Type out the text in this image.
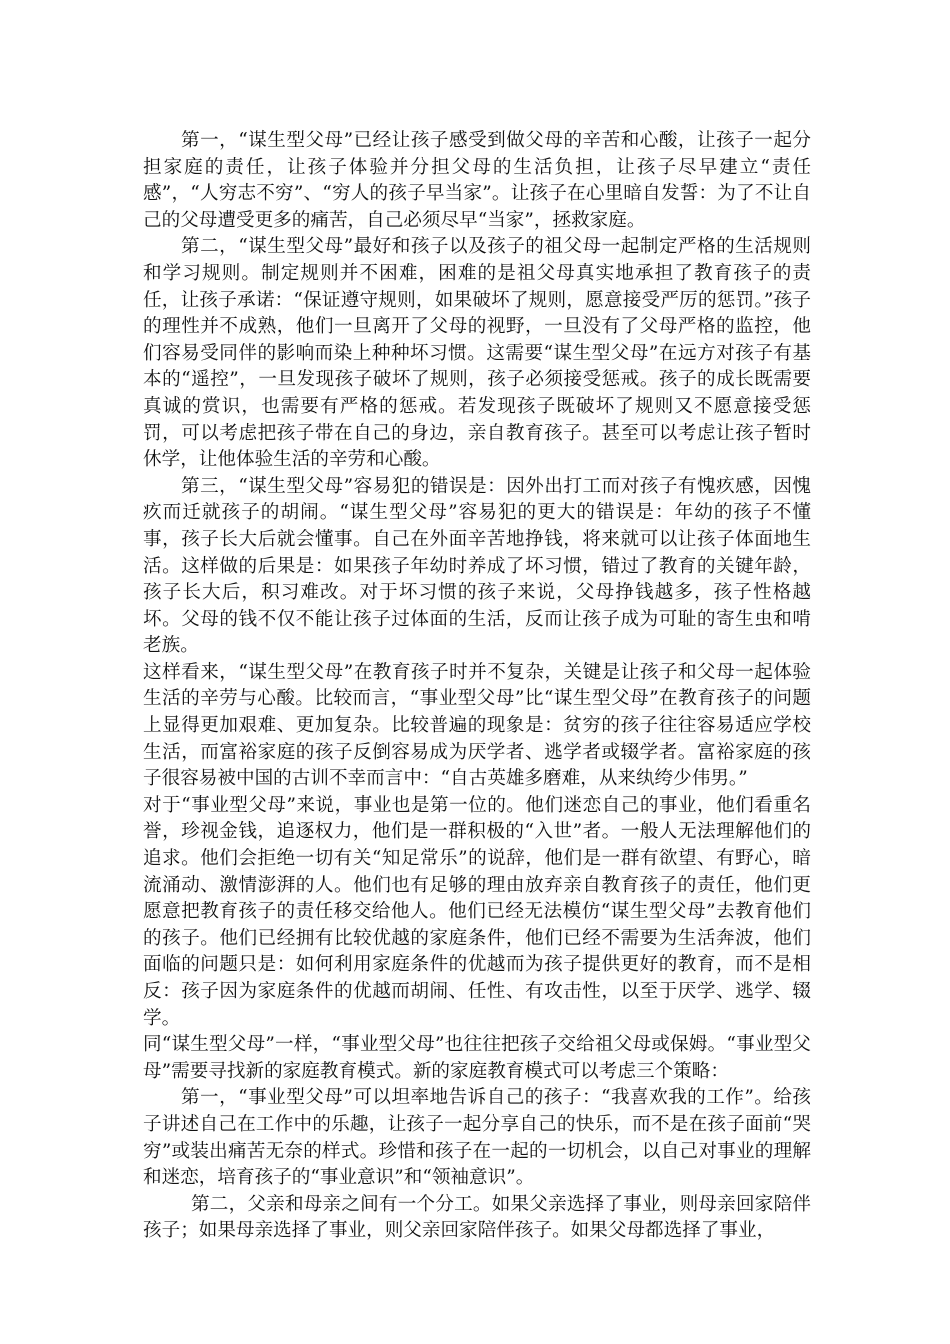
第一，“谋生型父母”已经让孩子感受到做父母的辛苦和心酸，让孩子一起分担家庭的责任，让孩子体验并分担父母的生活负担，让孩子尽早建立“责任感”，“人穷志不穷”、“穷人的孩子早当家”。让孩子在心里暗自发誓：为了不让自己的父母遭受更多的痛苦，自己必须尽早“当家”，拯救家庭。

第二，“谋生型父母”最好和孩子以及孩子的祖父母一起制定严格的生活规则和学习规则。制定规则并不困难，困难的是祖父母真实地承担了教育孩子的责任，让孩子承诺：“保证遵守规则，如果破坏了规则，愿意接受严厉的惩罚。”孩子的理性并不成熟，他们一旦离开了父母的视野，一旦没有了父母严格的监控，他们容易受同伴的影响而染上种种坏习惯。这需要“谋生型父母”在远方对孩子有基本的“遥控”，一旦发现孩子破坏了规则，孩子必须接受惩戒。孩子的成长既需要真诚的赏识，也需要有严格的惩戒。若发现孩子既破坏了规则又不愿意接受惩罚，可以考虑把孩子带在自己的身边，亲自教育孩子。甚至可以考虑让孩子暂时休学，让他体验生活的辛劳和心酸。

第三，“谋生型父母”容易犯的错误是：因外出打工而对孩子有愧疚感，因愧疚而迁就孩子的胡闹。“谋生型父母”容易犯的更大的错误是：年幼的孩子不懂事，孩子长大后就会懂事。自己在外面辛苦地挣钱，将来就可以让孩子体面地生活。这样做的后果是：如果孩子年幼时养成了坏习惯，错过了教育的关键年龄，孩子长大后，积习难改。对于坏习惯的孩子来说，父母挣钱越多，孩子性格越坏。父母的钱不仅不能让孩子过体面的生活，反而让孩子成为可耻的寄生虫和啃老族。

这样看来，“谋生型父母”在教育孩子时并不复杂，关键是让孩子和父母一起体验生活的辛劳与心酸。比较而言，“事业型父母”比“谋生型父母”在教育孩子的问题上显得更加艰难、更加复杂。比较普遍的现象是：贫穷的孩子往往容易适应学校生活，而富裕家庭的孩子反倒容易成为厌学者、逃学者或辍学者。富裕家庭的孩子很容易被中国的古训不幸而言中：“自古英雄多磨难，从来纨绔少伟男。”

对于“事业型父母”来说，事业也是第一位的。他们迷恋自己的事业，他们看重名誉，珍视金钱，追逐权力，他们是一群积极的“入世”者。一般人无法理解他们的追求。他们会拒绝一切有关“知足常乐”的说辞，他们是一群有欲望、有野心，暗流涌动、激情澎湃的人。他们也有足够的理由放弃亲自教育孩子的责任，他们更愿意把教育孩子的责任移交给他人。他们已经无法模仿“谋生型父母”去教育他们的孩子。他们已经拥有比较优越的家庭条件，他们已经不需要为生活奔波，他们面临的问题只是：如何利用家庭条件的优越而为孩子提供更好的教育，而不是相反：孩子因为家庭条件的优越而胡闹、任性、有攻击性，以至于厌学、逃学、辍学。

同“谋生型父母”一样，“事业型父母”也往往把孩子交给祖父母或保姆。“事业型父母”需要寻找新的家庭教育模式。新的家庭教育模式可以考虑三个策略：

第一，“事业型父母”可以坦率地告诉自己的孩子：“我喜欢我的工作”。给孩子讲述自己在工作中的乐趣，让孩子一起分享自己的快乐，而不是在孩子面前“哭穷”或装出痛苦无奈的样式。珍惜和孩子在一起的一切机会，以自己对事业的理解和迷恋，培育孩子的“事业意识”和“领袖意识”。

第二，父亲和母亲之间有一个分工。如果父亲选择了事业，则母亲回家陪伴孩子；如果母亲选择了事业，则父亲回家陪伴孩子。如果父母都选择了事业，
